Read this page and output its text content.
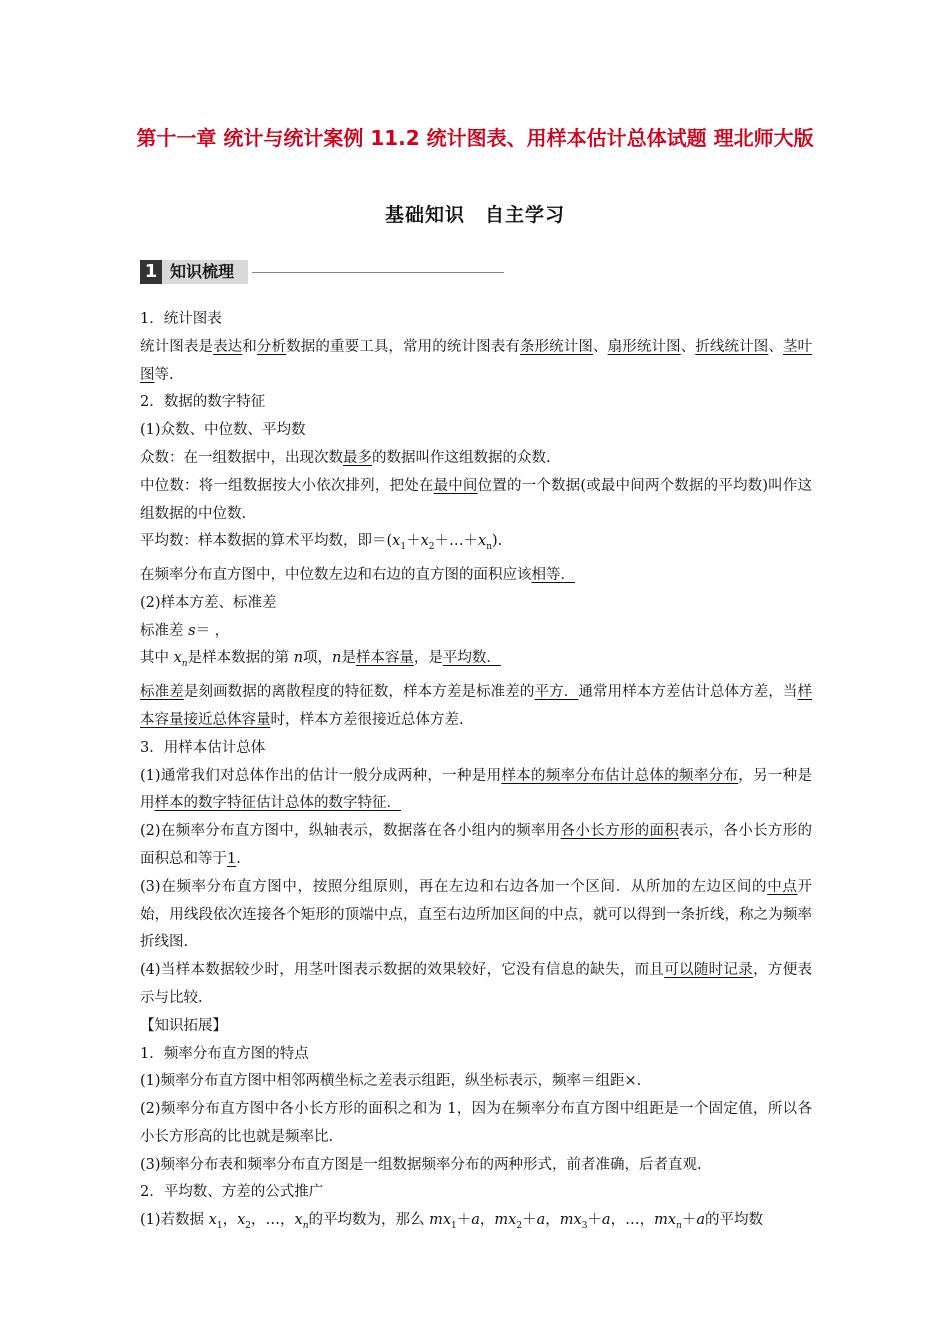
第十一章 统计与统计案例 11.2 统计图表、用样本估计总体试题 理北师大版
基础知识　自主学习
1 知识梳理

1．统计图表

统计图表是表达和分析数据的重要工具，常用的统计图表有条形统计图、扇形统计图、折线统计图、茎叶图等.

2．数据的数字特征

(1)众数、中位数、平均数

众数：在一组数据中，出现次数最多的数据叫作这组数据的众数.

中位数：将一组数据按大小依次排列，把处在最中间位置的一个数据(或最中间两个数据的平均数)叫作这组数据的中位数.

平均数：样本数据的算术平均数，即$=(x_1+x_2+\dots+x_n)$.

在频率分布直方图中，中位数左边和右边的直方图的面积应该相等．

(2)样本方差、标准差

标准差 s＝ ，

其中 $x_n$是样本数据的第 n项，n是样本容量，是平均数．

标准差是刻画数据的离散程度的特征数，样本方差是标准差的平方．通常用样本方差估计总体方差，当样本容量接近总体容量时，样本方差很接近总体方差.

3．用样本估计总体

(1)通常我们对总体作出的估计一般分成两种，一种是用样本的频率分布估计总体的频率分布，另一种是用样本的数字特征估计总体的数字特征．

(2)在频率分布直方图中，纵轴表示，数据落在各小组内的频率用各小长方形的面积表示，各小长方形的面积总和等于1.

(3)在频率分布直方图中，按照分组原则，再在左边和右边各加一个区间．从所加的左边区间的中点开始，用线段依次连接各个矩形的顶端中点，直至右边所加区间的中点，就可以得到一条折线，称之为频率折线图.

(4)当样本数据较少时，用茎叶图表示数据的效果较好，它没有信息的缺失，而且可以随时记录，方便表示与比较.

【知识拓展】

1．频率分布直方图的特点

(1)频率分布直方图中相邻两横坐标之差表示组距，纵坐标表示，频率＝组距×.

(2)频率分布直方图中各小长方形的面积之和为 1，因为在频率分布直方图中组距是一个固定值，所以各小长方形高的比也就是频率比.

(3)频率分布表和频率分布直方图是一组数据频率分布的两种形式，前者准确，后者直观.

2．平均数、方差的公式推广

(1)若数据 $x_1$，$x_2$，…，$x_n$的平均数为，那么 $mx_1+a$，$mx_2+a$，$mx_3+a$，…，$mx_n+a$的平均数
